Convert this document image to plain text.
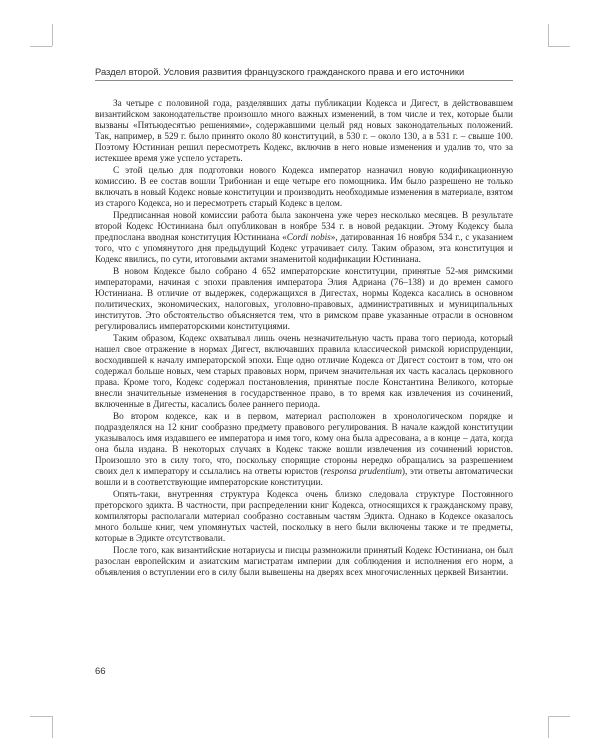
Раздел второй. Условия развития французского гражданского права и его источники

За четыре с половиной года, разделявших даты публикации Кодекса и Дигест, в действовавшем византийском законодательстве произошло много важных изменений, в том числе и тех, которые были вызваны «Пятьюдесятью решениями», содержавшими целый ряд новых законодательных положений. Так, например, в 529 г. было принято около 80 конституций, в 530 г. – около 130, а в 531 г. – свыше 100. Поэтому Юстиниан решил пересмотреть Кодекс, включив в него новые изменения и удалив то, что за истекшее время уже успело устареть.

С этой целью для подготовки нового Кодекса император назначил новую кодификационную комиссию. В ее состав вошли Трибониан и еще четыре его помощника. Им было разрешено не только включать в новый Кодекс новые конституции и производить необходимые изменения в материале, взятом из старого Кодекса, но и пересмотреть старый Кодекс в целом.

Предписанная новой комиссии работа была закончена уже через несколько месяцев. В результате второй Кодекс Юстиниана был опубликован в ноябре 534 г. в новой редакции. Этому Кодексу была предпослана вводная конституция Юстиниана «Cordi nobis», датированная 16 ноября 534 г., с указанием того, что с упомянутого дня предыдущий Кодекс утрачивает силу. Таким образом, эта конституция и Кодекс явились, по сути, итоговыми актами знаменитой кодификации Юстиниана.

В новом Кодексе было собрано 4 652 императорские конституции, принятые 52-мя римскими императорами, начиная с эпохи правления императора Элия Адриана (76–138) и до времен самого Юстиниана. В отличие от выдержек, содержащихся в Дигестах, нормы Кодекса касались в основном политических, экономических, налоговых, уголовно-правовых, административных и муниципальных институтов. Это обстоятельство объясняется тем, что в римском праве указанные отрасли в основном регулировались императорскими конституциями.

Таким образом, Кодекс охватывал лишь очень незначительную часть права того периода, который нашел свое отражение в нормах Дигест, включавших правила классической римской юриспруденции, восходившей к началу императорской эпохи. Еще одно отличие Кодекса от Дигест состоит в том, что он содержал больше новых, чем старых правовых норм, причем значительная их часть касалась церковного права. Кроме того, Кодекс содержал постановления, принятые после Константина Великого, которые внесли значительные изменения в государственное право, в то время как извлечения из сочинений, включенные в Дигесты, касались более раннего периода.

Во втором кодексе, как и в первом, материал расположен в хронологическом порядке и подразделялся на 12 книг сообразно предмету правового регулирования. В начале каждой конституции указывалось имя издавшего ее императора и имя того, кому она была адресована, а в конце – дата, когда она была издана. В некоторых случаях в Кодекс также вошли извлечения из сочинений юристов. Произошло это в силу того, что, поскольку спорящие стороны нередко обращались за разрешением своих дел к императору и ссылались на ответы юристов (responsa prudentium), эти ответы автоматически вошли и в соответствующие императорские конституции.

Опять-таки, внутренняя структура Кодекса очень близко следовала структуре Постоянного преторского эдикта. В частности, при распределении книг Кодекса, относящихся к гражданскому праву, компиляторы располагали материал сообразно составным частям Эдикта. Однако в Кодексе оказалось много больше книг, чем упомянутых частей, поскольку в него были включены также и те предметы, которые в Эдикте отсутствовали.

После того, как византийские нотариусы и писцы размножили принятый Кодекс Юстиниана, он был разослан европейским и азиатским магистратам империи для соблюдения и исполнения его норм, а объявления о вступлении его в силу были вывешены на дверях всех многочисленных церквей Византии.

66
